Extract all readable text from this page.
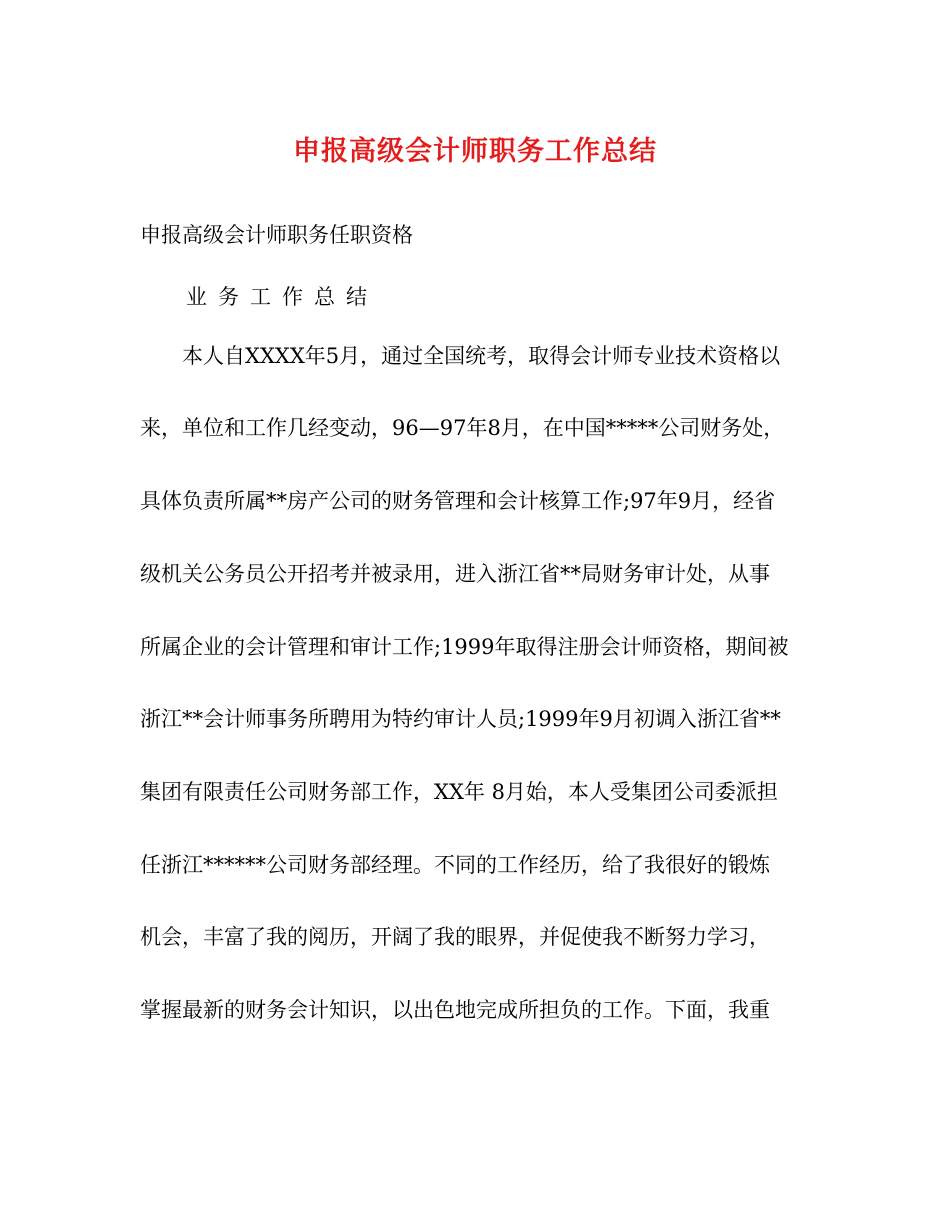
申报高级会计师职务工作总结
申报高级会计师职务任职资格
业务工作总结
本人自XXXX年5月，通过全国统考，取得会计师专业技术资格以
来，单位和工作几经变动，96—97年8月，在中国*****公司财务处，
具体负责所属**房产公司的财务管理和会计核算工作;97年9月，经省
级机关公务员公开招考并被录用，进入浙江省**局财务审计处，从事
所属企业的会计管理和审计工作;1999年取得注册会计师资格，期间被
浙江**会计师事务所聘用为特约审计人员;1999年9月初调入浙江省**
集团有限责任公司财务部工作，XX年 8月始，本人受集团公司委派担
任浙江******公司财务部经理。不同的工作经历，给了我很好的锻炼
机会，丰富了我的阅历，开阔了我的眼界，并促使我不断努力学习，
掌握最新的财务会计知识，以出色地完成所担负的工作。下面，我重
